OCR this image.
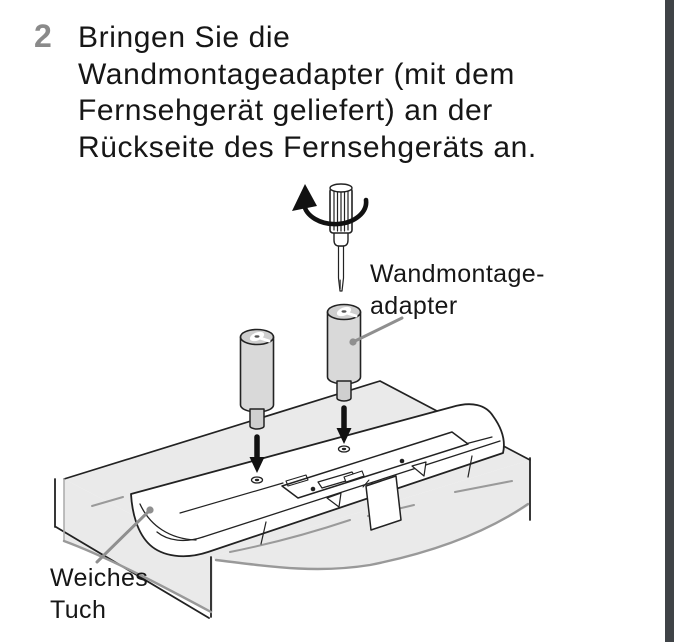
2 Bringen Sie die
Wandmontageadapter (mit dem
Fernsehgerät geliefert) an der
Rückseite des Fernsehgeräts an.
Wandmontage-
adapter
Weiches
Tuch
